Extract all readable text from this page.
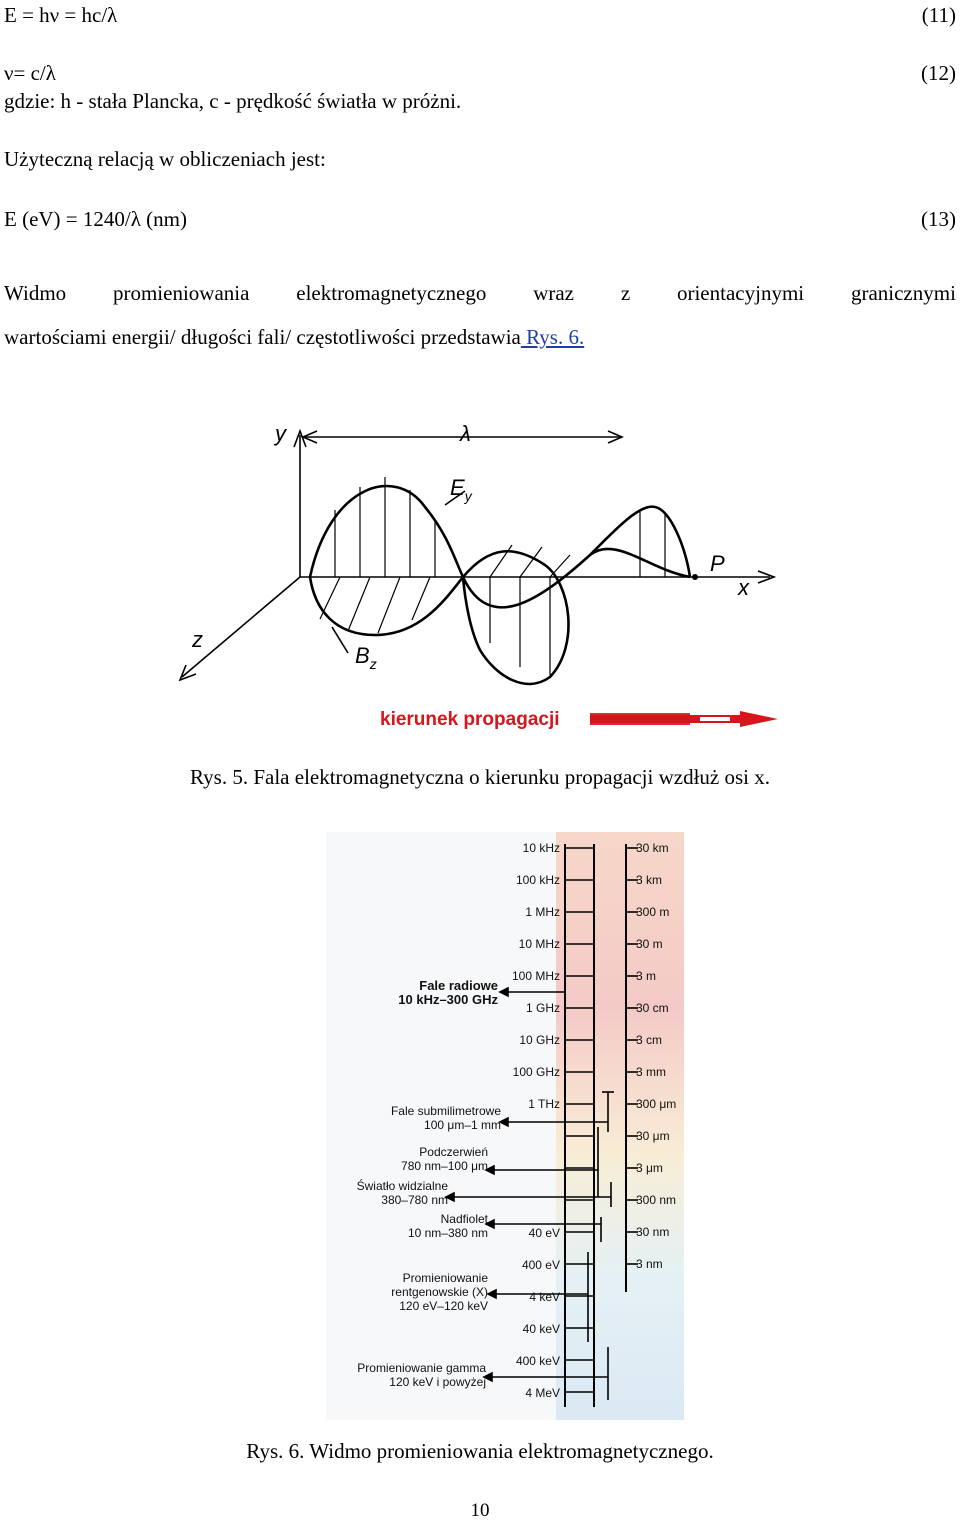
E = hν = hc/λ	(11)
ν= c/λ	(12)
gdzie: h - stała Plancka, c - prędkość światła w próżni.
Użyteczną relacją w obliczeniach jest:
E (eV) = 1240/λ (nm)	(13)
Widmo promieniowania elektromagnetycznego wraz z orientacyjnymi granicznymi
wartościami energii/ długości fali/ częstotliwości przedstawia Rys. 6.
y
x
z
λ
$E_y$
$B_z$
P
kierunek propagacji
Rys. 5. Fala elektromagnetyczna o kierunku propagacji wzdłuż osi x.
10 kHz
100 kHz
1 MHz
10 MHz
100 MHz
1 GHz
10 GHz
100 GHz
1 THz
40 eV
400 eV
4 keV
40 keV
400 keV
4 MeV
30 km
3 km
300 m
30 m
3 m
30 cm
3 cm
3 mm
300 μm
30 μm
3 μm
300 nm
30 nm
3 nm
Fale radiowe
10 kHz–300 GHz
Fale submilimetrowe
100 μm–1 mm
Podczerwień
780 nm–100 μm
Światło widzialne
380–780 nm
Nadfiolet
10 nm–380 nm
Promieniowanie
rentgenowskie (X)
120 eV–120 keV
Promieniowanie gamma
120 keV i powyżej
Rys. 6. Widmo promieniowania elektromagnetycznego.
10
